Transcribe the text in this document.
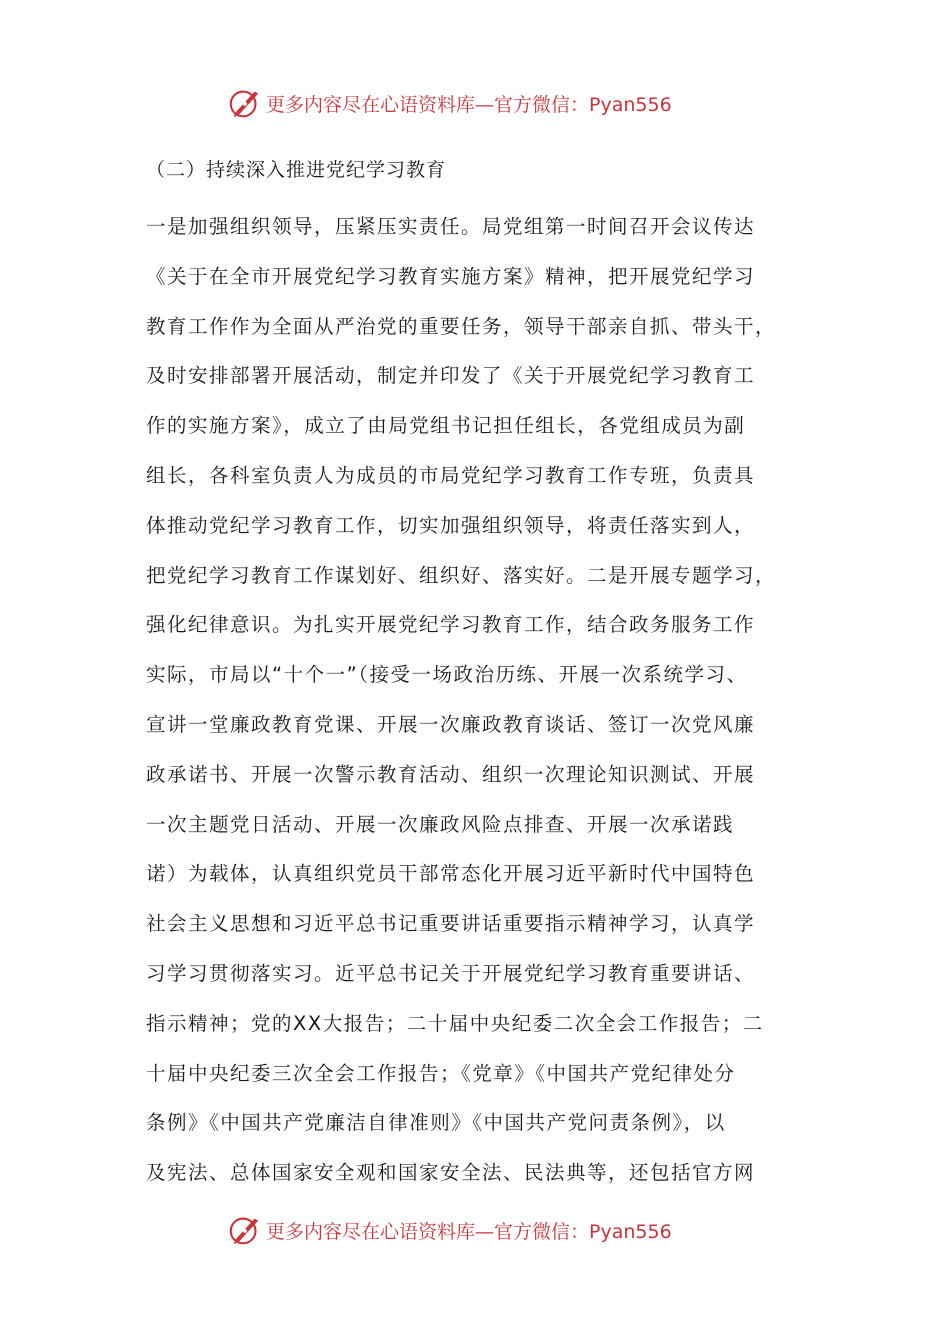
更多内容尽在心语资料库—官方微信：Pyan556
（二）持续深入推进党纪学习教育
一是加强组织领导，压紧压实责任。局党组第一时间召开会议传达
《关于在全市开展党纪学习教育实施方案》精神，把开展党纪学习
教育工作作为全面从严治党的重要任务，领导干部亲自抓、带头干，
及时安排部署开展活动，制定并印发了《关于开展党纪学习教育工
作的实施方案》，成立了由局党组书记担任组长，各党组成员为副
组长，各科室负责人为成员的市局党纪学习教育工作专班，负责具
体推动党纪学习教育工作，切实加强组织领导，将责任落实到人，
把党纪学习教育工作谋划好、组织好、落实好。二是开展专题学习，
强化纪律意识。为扎实开展党纪学习教育工作，结合政务服务工作
实际，市局以“十个一”（接受一场政治历练、开展一次系统学习、
宣讲一堂廉政教育党课、开展一次廉政教育谈话、签订一次党风廉
政承诺书、开展一次警示教育活动、组织一次理论知识测试、开展
一次主题党日活动、开展一次廉政风险点排查、开展一次承诺践
诺）为载体，认真组织党员干部常态化开展习近平新时代中国特色
社会主义思想和习近平总书记重要讲话重要指示精神学习，认真学
习学习贯彻落实习。近平总书记关于开展党纪学习教育重要讲话、
指示精神；党的XX大报告；二十届中央纪委二次全会工作报告；二
十届中央纪委三次全会工作报告；《党章》《中国共产党纪律处分
条例》《中国共产党廉洁自律准则》《中国共产党问责条例》，以
及宪法、总体国家安全观和国家安全法、民法典等，还包括官方网
更多内容尽在心语资料库—官方微信：Pyan556
